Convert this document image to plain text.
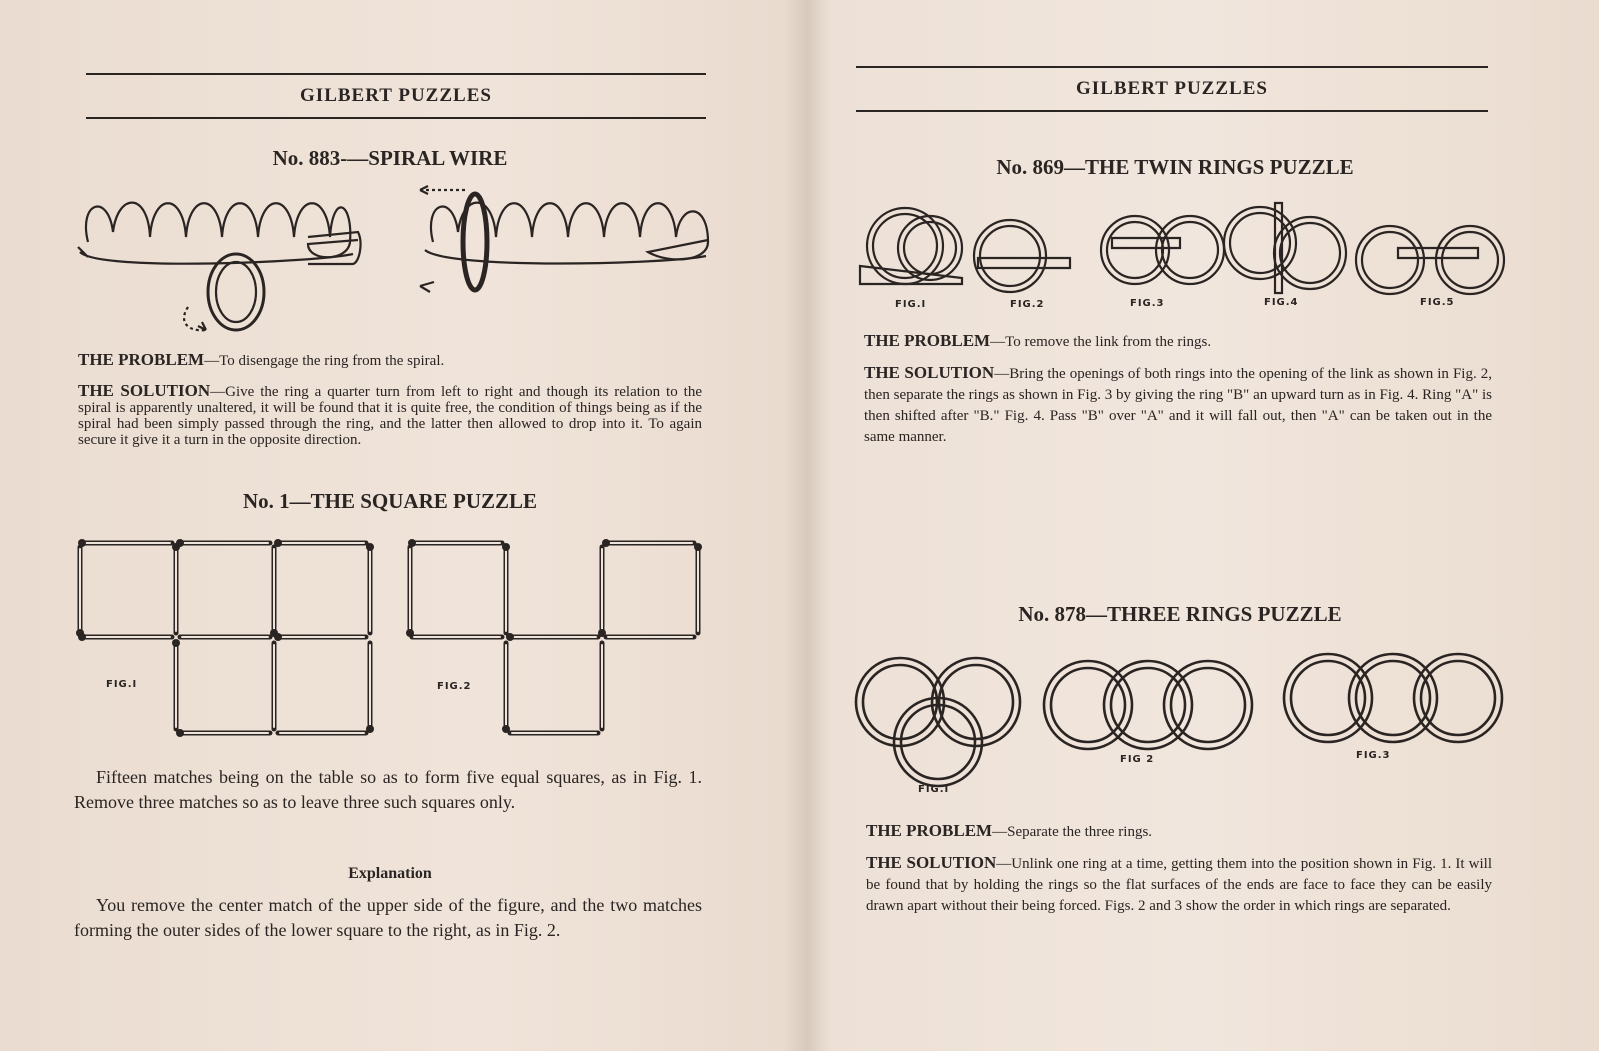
GILBERT PUZZLES
No. 883-—SPIRAL WIRE
THE PROBLEM—To disengage the ring from the spiral.
THE SOLUTION—Give the ring a quarter turn from left to right and though its relation to the spiral is apparently unaltered, it will be found that it is quite free, the condition of things being as if the spiral had been simply passed through the ring, and the latter then allowed to drop into it. To again secure it give it a turn in the opposite direction.
No. 1—THE SQUARE PUZZLE
FIG.I	FIG.2
Fifteen matches being on the table so as to form five equal squares, as in Fig. 1. Remove three matches so as to leave three such squares only.
Explanation
You remove the center match of the upper side of the figure, and the two matches forming the outer sides of the lower square to the right, as in Fig. 2.
GILBERT PUZZLES
No. 869—THE TWIN RINGS PUZZLE
FIG.I	FIG.2	FIG.3	FIG.4	FIG.5
THE PROBLEM—To remove the link from the rings.
THE SOLUTION—Bring the openings of both rings into the opening of the link as shown in Fig. 2, then separate the rings as shown in Fig. 3 by giving the ring "B" an upward turn as in Fig. 4. Ring "A" is then shifted after "B." Fig. 4. Pass "B" over "A" and it will fall out, then "A" can be taken out in the same manner.
No. 878—THREE RINGS PUZZLE
FIG.I
FIG 2	FIG.3
THE PROBLEM—Separate the three rings.
THE SOLUTION—Unlink one ring at a time, getting them into the position shown in Fig. 1. It will be found that by holding the rings so the flat surfaces of the ends are face to face they can be easily drawn apart without their being forced. Figs. 2 and 3 show the order in which rings are separated.
